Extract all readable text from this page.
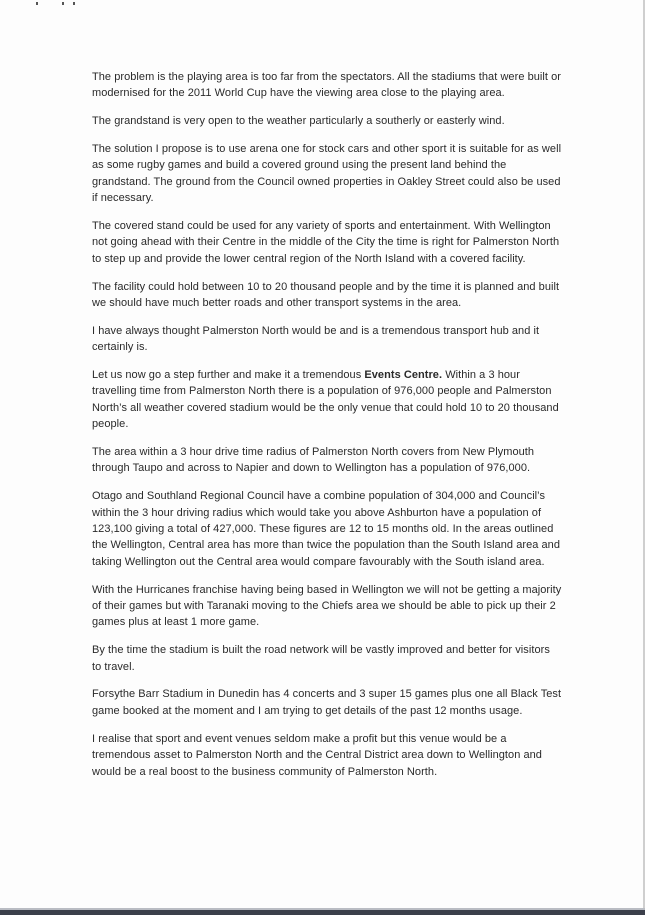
The problem is the playing area is too far from the spectators. All the stadiums that were built or modernised for the 2011 World Cup have the viewing area close to the playing area.

The grandstand is very open to the weather particularly a southerly or easterly wind.

The solution I propose is to use arena one for stock cars and other sport it is suitable for as well as some rugby games and build a covered ground using the present land behind the grandstand. The ground from the Council owned properties in Oakley Street could also be used if necessary.

The covered stand could be used for any variety of sports and entertainment. With Wellington not going ahead with their Centre in the middle of the City the time is right for Palmerston North to step up and provide the lower central region of the North Island with a covered facility.

The facility could hold between 10 to 20 thousand people and by the time it is planned and built we should have much better roads and other transport systems in the area.

I have always thought Palmerston North would be and is a tremendous transport hub and it certainly is.

Let us now go a step further and make it a tremendous Events Centre. Within a 3 hour travelling time from Palmerston North there is a population of 976,000 people and Palmerston North’s all weather covered stadium would be the only venue that could hold 10 to 20 thousand people.

The area within a 3 hour drive time radius of Palmerston North covers from New Plymouth through Taupo and across to Napier and down to Wellington has a population of 976,000.

Otago and Southland Regional Council have a combine population of 304,000 and Council’s within the 3 hour driving radius which would take you above Ashburton have a population of 123,100 giving a total of 427,000. These figures are 12 to 15 months old. In the areas outlined the Wellington, Central area has more than twice the population than the South Island area and taking Wellington out the Central area would compare favourably with the South island area.

With the Hurricanes franchise having being based in Wellington we will not be getting a majority of their games but with Taranaki moving to the Chiefs area we should be able to pick up their 2 games plus at least 1 more game.

By the time the stadium is built the road network will be vastly improved and better for visitors to travel.

Forsythe Barr Stadium in Dunedin has 4 concerts and 3 super 15 games plus one all Black Test game booked at the moment and I am trying to get details of the past 12 months usage.

I realise that sport and event venues seldom make a profit but this venue would be a tremendous asset to Palmerston North and the Central District area down to Wellington and would be a real boost to the business community of Palmerston North.
